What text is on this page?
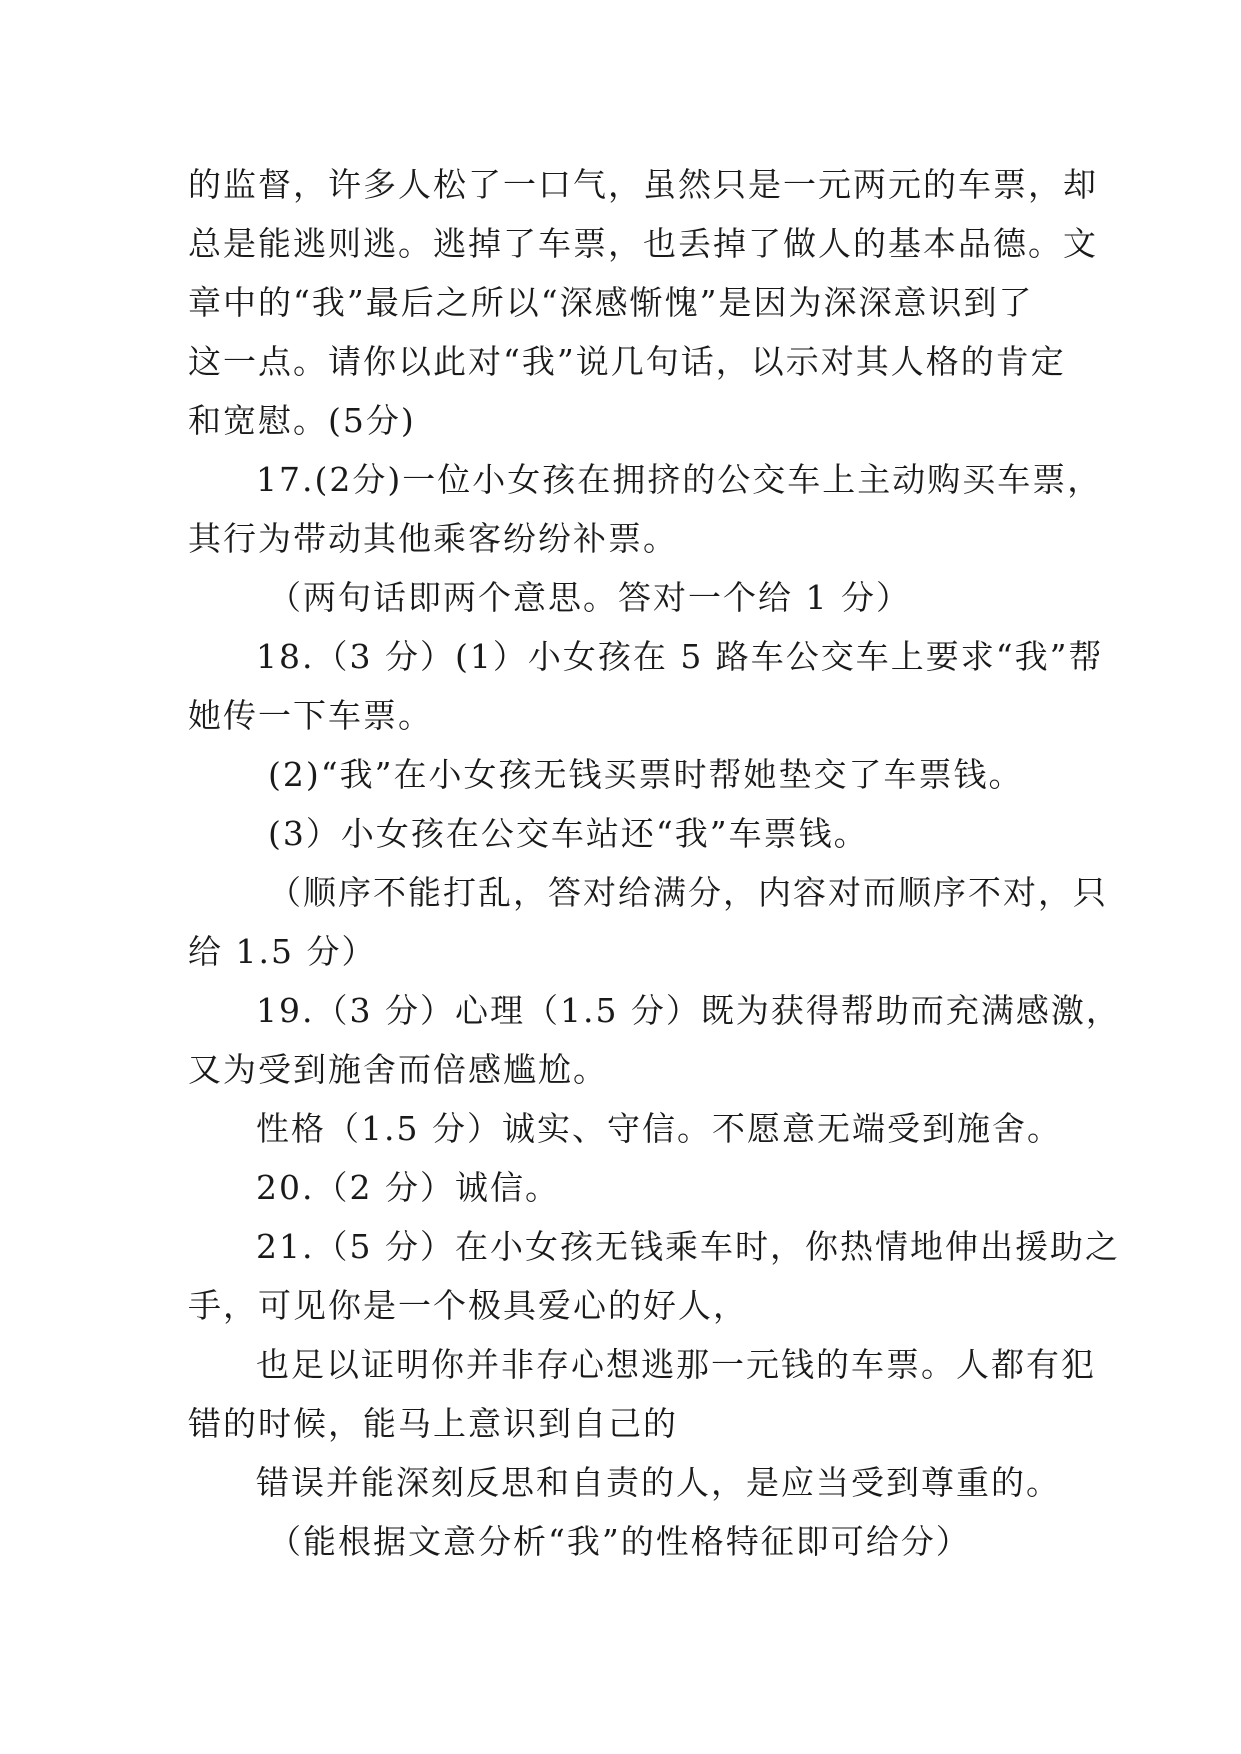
的监督，许多人松了一口气，虽然只是一元两元的车票，却
总是能逃则逃。逃掉了车票，也丢掉了做人的基本品德。文
章中的“我”最后之所以“深感惭愧”是因为深深意识到了
这一点。请你以此对“我”说几句话，以示对其人格的肯定
和宽慰。(5分)
17.(2分)一位小女孩在拥挤的公交车上主动购买车票，
其行为带动其他乘客纷纷补票。
（两句话即两个意思。答对一个给 1 分）
18.（3 分）(1）小女孩在 5 路车公交车上要求“我”帮
她传一下车票。
(2)“我”在小女孩无钱买票时帮她垫交了车票钱。
(3）小女孩在公交车站还“我”车票钱。
（顺序不能打乱，答对给满分，内容对而顺序不对，只
给 1.5 分）
19.（3 分）心理（1.5 分）既为获得帮助而充满感激，
又为受到施舍而倍感尴尬。
性格（1.5 分）诚实、守信。不愿意无端受到施舍。
20.（2 分）诚信。
21.（5 分）在小女孩无钱乘车时，你热情地伸出援助之
手，可见你是一个极具爱心的好人，
也足以证明你并非存心想逃那一元钱的车票。人都有犯
错的时候，能马上意识到自己的
错误并能深刻反思和自责的人，是应当受到尊重的。
（能根据文意分析“我”的性格特征即可给分）
